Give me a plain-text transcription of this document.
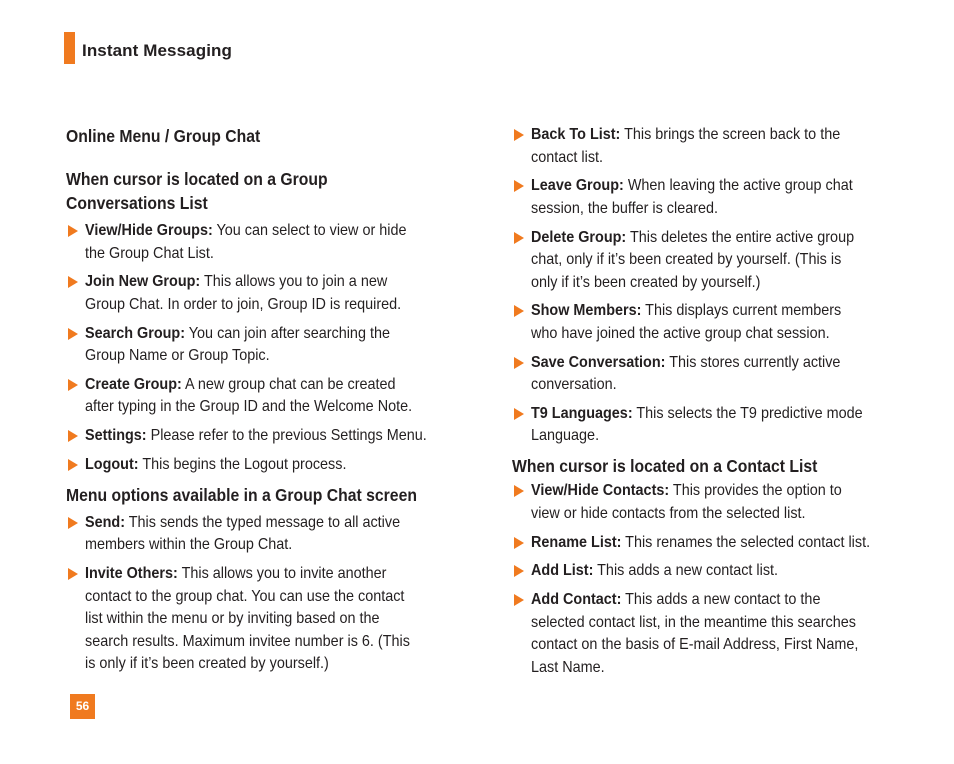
Instant Messaging
Online Menu / Group Chat
When cursor is located on a Group
Conversations List
View/Hide Groups: You can select to view or hide
the Group Chat List.
Join New Group: This allows you to join a new
Group Chat. In order to join, Group ID is required.
Search Group: You can join after searching the
Group Name or Group Topic.
Create Group: A new group chat can be created
after typing in the Group ID and the Welcome Note.
Settings: Please refer to the previous Settings Menu.
Logout: This begins the Logout process.
Menu options available in a Group Chat screen
Send: This sends the typed message to all active
members within the Group Chat.
Invite Others: This allows you to invite another
contact to the group chat. You can use the contact
list within the menu or by inviting based on the
search results. Maximum invitee number is 6. (This
is only if it’s been created by yourself.)
Back To List: This brings the screen back to the
contact list.
Leave Group: When leaving the active group chat
session, the buffer is cleared.
Delete Group: This deletes the entire active group
chat, only if it’s been created by yourself. (This is
only if it’s been created by yourself.)
Show Members: This displays current members
who have joined the active group chat session.
Save Conversation: This stores currently active
conversation.
T9 Languages: This selects the T9 predictive mode
Language.
When cursor is located on a Contact List
View/Hide Contacts: This provides the option to
view or hide contacts from the selected list.
Rename List: This renames the selected contact list.
Add List: This adds a new contact list.
Add Contact: This adds a new contact to the
selected contact list, in the meantime this searches
contact on the basis of E-mail Address, First Name,
Last Name.
56
